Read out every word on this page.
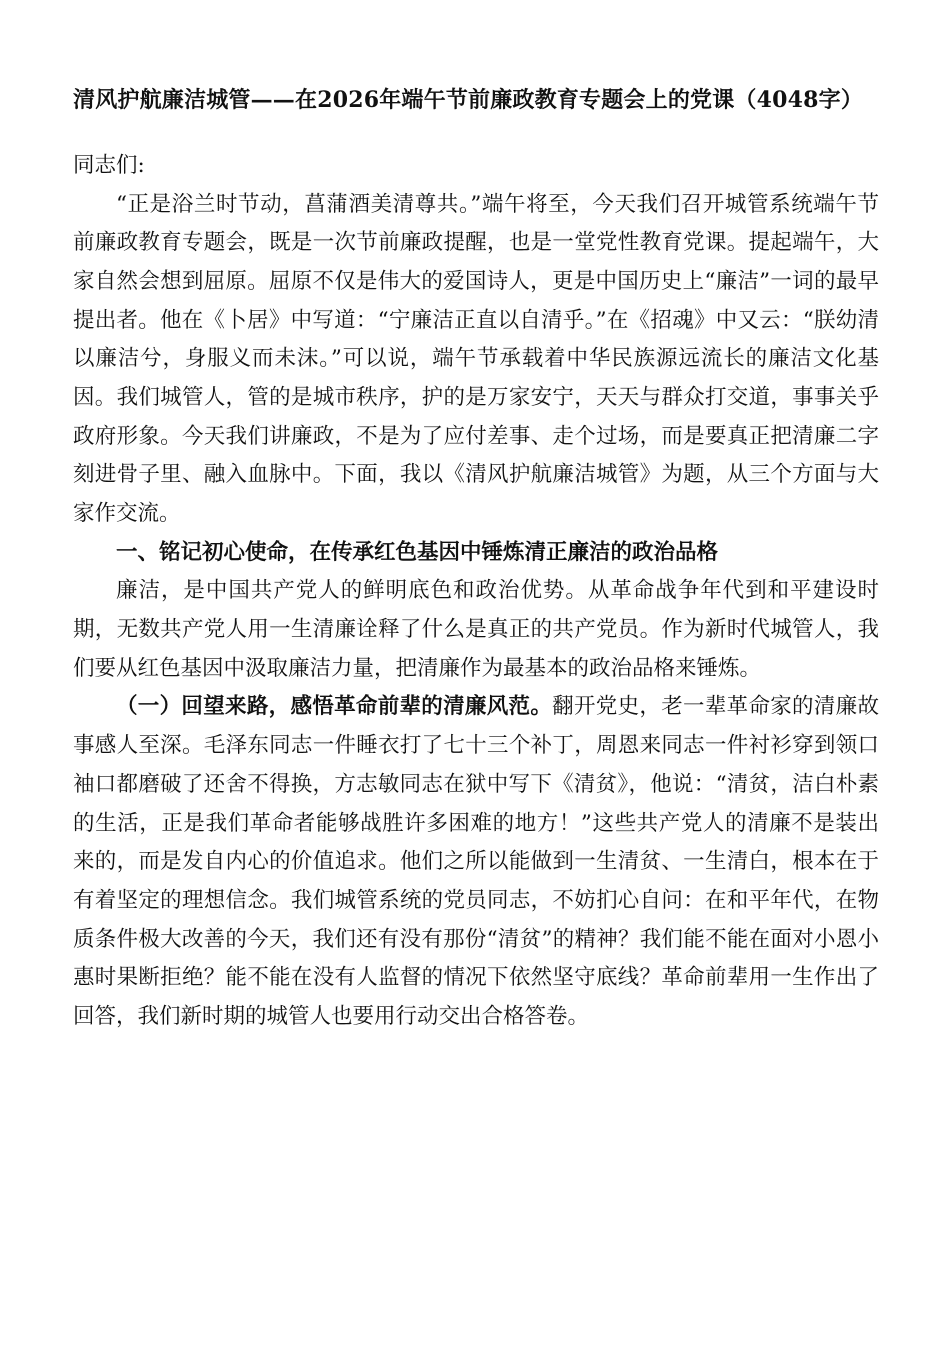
清风护航廉洁城管——在2026年端午节前廉政教育专题会上的党课（4048字）

同志们:

“正是浴兰时节动，菖蒲酒美清尊共。”端午将至，今天我们召开城管系统端午节前廉政教育专题会，既是一次节前廉政提醒，也是一堂党性教育党课。提起端午，大家自然会想到屈原。屈原不仅是伟大的爱国诗人，更是中国历史上“廉洁”一词的最早提出者。他在《卜居》中写道：“宁廉洁正直以自清乎。”在《招魂》中又云：“朕幼清以廉洁兮，身服义而未沫。”可以说，端午节承载着中华民族源远流长的廉洁文化基因。我们城管人，管的是城市秩序，护的是万家安宁，天天与群众打交道，事事关乎政府形象。今天我们讲廉政，不是为了应付差事、走个过场，而是要真正把清廉二字刻进骨子里、融入血脉中。下面，我以《清风护航廉洁城管》为题，从三个方面与大家作交流。

一、铭记初心使命，在传承红色基因中锤炼清正廉洁的政治品格

廉洁，是中国共产党人的鲜明底色和政治优势。从革命战争年代到和平建设时期，无数共产党人用一生清廉诠释了什么是真正的共产党员。作为新时代城管人，我们要从红色基因中汲取廉洁力量，把清廉作为最基本的政治品格来锤炼。

（一）回望来路，感悟革命前辈的清廉风范。翻开党史，老一辈革命家的清廉故事感人至深。毛泽东同志一件睡衣打了七十三个补丁，周恩来同志一件衬衫穿到领口袖口都磨破了还舍不得换，方志敏同志在狱中写下《清贫》，他说：“清贫，洁白朴素的生活，正是我们革命者能够战胜许多困难的地方！”这些共产党人的清廉不是装出来的，而是发自内心的价值追求。他们之所以能做到一生清贫、一生清白，根本在于有着坚定的理想信念。我们城管系统的党员同志，不妨扪心自问：在和平年代，在物质条件极大改善的今天，我们还有没有那份“清贫”的精神？我们能不能在面对小恩小惠时果断拒绝？能不能在没有人监督的情况下依然坚守底线？革命前辈用一生作出了回答，我们新时期的城管人也要用行动交出合格答卷。
